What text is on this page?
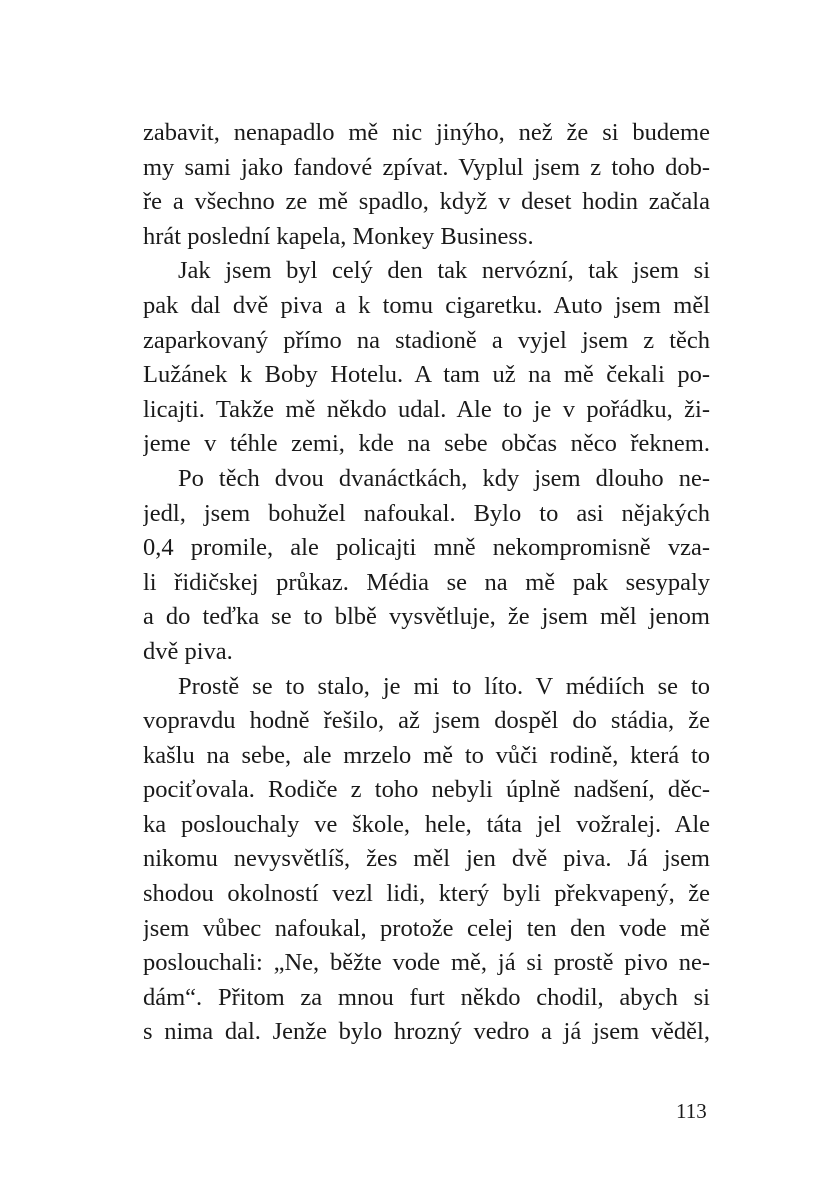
zabavit, nenapadlo mě nic jinýho, než že si budeme
my sami jako fandové zpívat. Vyplul jsem z toho dob-
ře a všechno ze mě spadlo, když v deset hodin začala
hrát poslední kapela, Monkey Business.
Jak jsem byl celý den tak nervózní, tak jsem si
pak dal dvě piva a k tomu cigaretku. Auto jsem měl
zaparkovaný přímo na stadioně a vyjel jsem z těch
Lužánek k Boby Hotelu. A tam už na mě čekali po-
licajti. Takže mě někdo udal. Ale to je v pořádku, ži-
jeme v téhle zemi, kde na sebe občas něco řeknem.
Po těch dvou dvanáctkách, kdy jsem dlouho ne-
jedl, jsem bohužel nafoukal. Bylo to asi nějakých
0,4 promile, ale policajti mně nekompromisně vza-
li řidičskej průkaz. Média se na mě pak sesypaly
a do teďka se to blbě vysvětluje, že jsem měl jenom
dvě piva.
Prostě se to stalo, je mi to líto. V médiích se to
vopravdu hodně řešilo, až jsem dospěl do stádia, že
kašlu na sebe, ale mrzelo mě to vůči rodině, která to
pociťovala. Rodiče z toho nebyli úplně nadšení, děc-
ka poslouchaly ve škole, hele, táta jel vožralej. Ale
nikomu nevysvětlíš, žes měl jen dvě piva. Já jsem
shodou okolností vezl lidi, který byli překvapený, že
jsem vůbec nafoukal, protože celej ten den vode mě
poslouchali: „Ne, běžte vode mě, já si prostě pivo ne-
dám“. Přitom za mnou furt někdo chodil, abych si
s nima dal. Jenže bylo hrozný vedro a já jsem věděl,
113
